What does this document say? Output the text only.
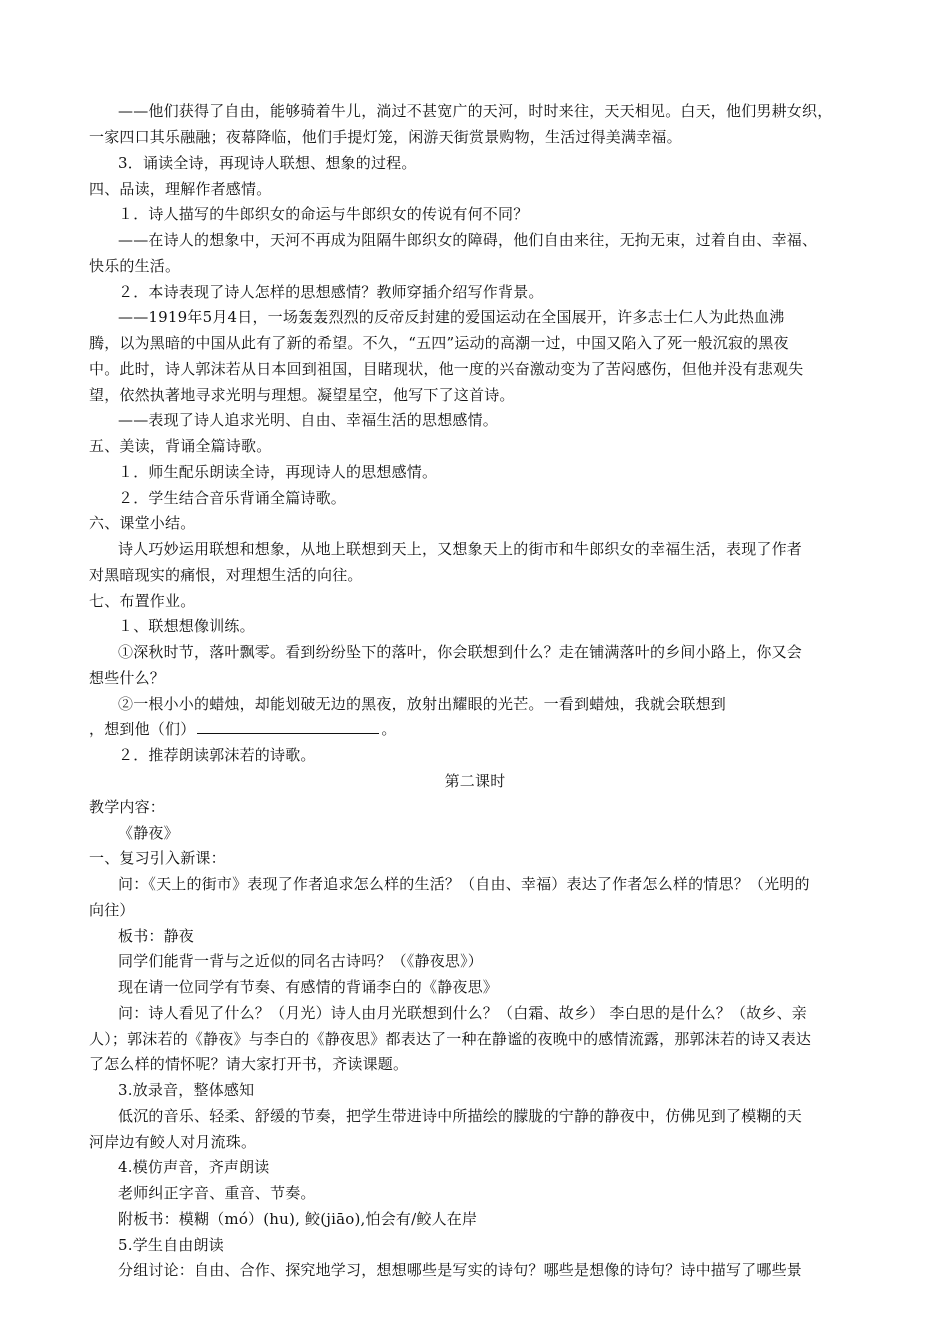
——他们获得了自由，能够骑着牛儿，淌过不甚宽广的天河，时时来往，天天相见。白天，他们男耕女织，
一家四口其乐融融；夜幕降临，他们手提灯笼，闲游天街赏景购物，生活过得美满幸福。
3．诵读全诗，再现诗人联想、想象的过程。
四、品读，理解作者感情。
１．诗人描写的牛郎织女的命运与牛郎织女的传说有何不同？
——在诗人的想象中，天河不再成为阻隔牛郎织女的障碍，他们自由来往，无拘无束，过着自由、幸福、
快乐的生活。
２．本诗表现了诗人怎样的思想感情？教师穿插介绍写作背景。
——1919年5月4日，一场轰轰烈烈的反帝反封建的爱国运动在全国展开，许多志士仁人为此热血沸
腾，以为黑暗的中国从此有了新的希望。不久，“五四”运动的高潮一过，中国又陷入了死一般沉寂的黑夜
中。此时，诗人郭沫若从日本回到祖国，目睹现状，他一度的兴奋激动变为了苦闷感伤，但他并没有悲观失
望，依然执著地寻求光明与理想。凝望星空，他写下了这首诗。
——表现了诗人追求光明、自由、幸福生活的思想感情。
五、美读，背诵全篇诗歌。
１．师生配乐朗读全诗，再现诗人的思想感情。
２．学生结合音乐背诵全篇诗歌。
六、课堂小结。
诗人巧妙运用联想和想象，从地上联想到天上，又想象天上的街市和牛郎织女的幸福生活，表现了作者
对黑暗现实的痛恨，对理想生活的向往。
七、布置作业。
１、联想想像训练。
①深秋时节，落叶飘零。看到纷纷坠下的落叶，你会联想到什么？走在铺满落叶的乡间小路上，你又会
想些什么？
②一根小小的蜡烛，却能划破无边的黑夜，放射出耀眼的光芒。一看到蜡烛，我就会联想到
，想到他（们）	。
２．推荐朗读郭沫若的诗歌。
第二课时
教学内容：
《静夜》
一、复习引入新课：
问：《天上的街市》表现了作者追求怎么样的生活？（自由、幸福）表达了作者怎么样的情思？（光明的
向往）
板书：静夜
同学们能背一背与之近似的同名古诗吗？（《静夜思》）
现在请一位同学有节奏、有感情的背诵李白的《静夜思》
问：诗人看见了什么？（月光）诗人由月光联想到什么？（白霜、故乡） 李白思的是什么？（故乡、亲
人）；郭沫若的《静夜》与李白的《静夜思》都表达了一种在静谧的夜晚中的感情流露，那郭沫若的诗又表达
了怎么样的情怀呢？请大家打开书，齐读课题。
3.放录音，整体感知
低沉的音乐、轻柔、舒缓的节奏，把学生带进诗中所描绘的朦胧的宁静的静夜中，仿佛见到了模糊的天
河岸边有鲛人对月流珠。
4.模仿声音，齐声朗读
老师纠正字音、重音、节奏。
附板书：模糊（mó）(hu), 鲛(jiāo),怕会有/鲛人在岸
5.学生自由朗读
分组讨论：自由、合作、探究地学习，想想哪些是写实的诗句？哪些是想像的诗句？诗中描写了哪些景
